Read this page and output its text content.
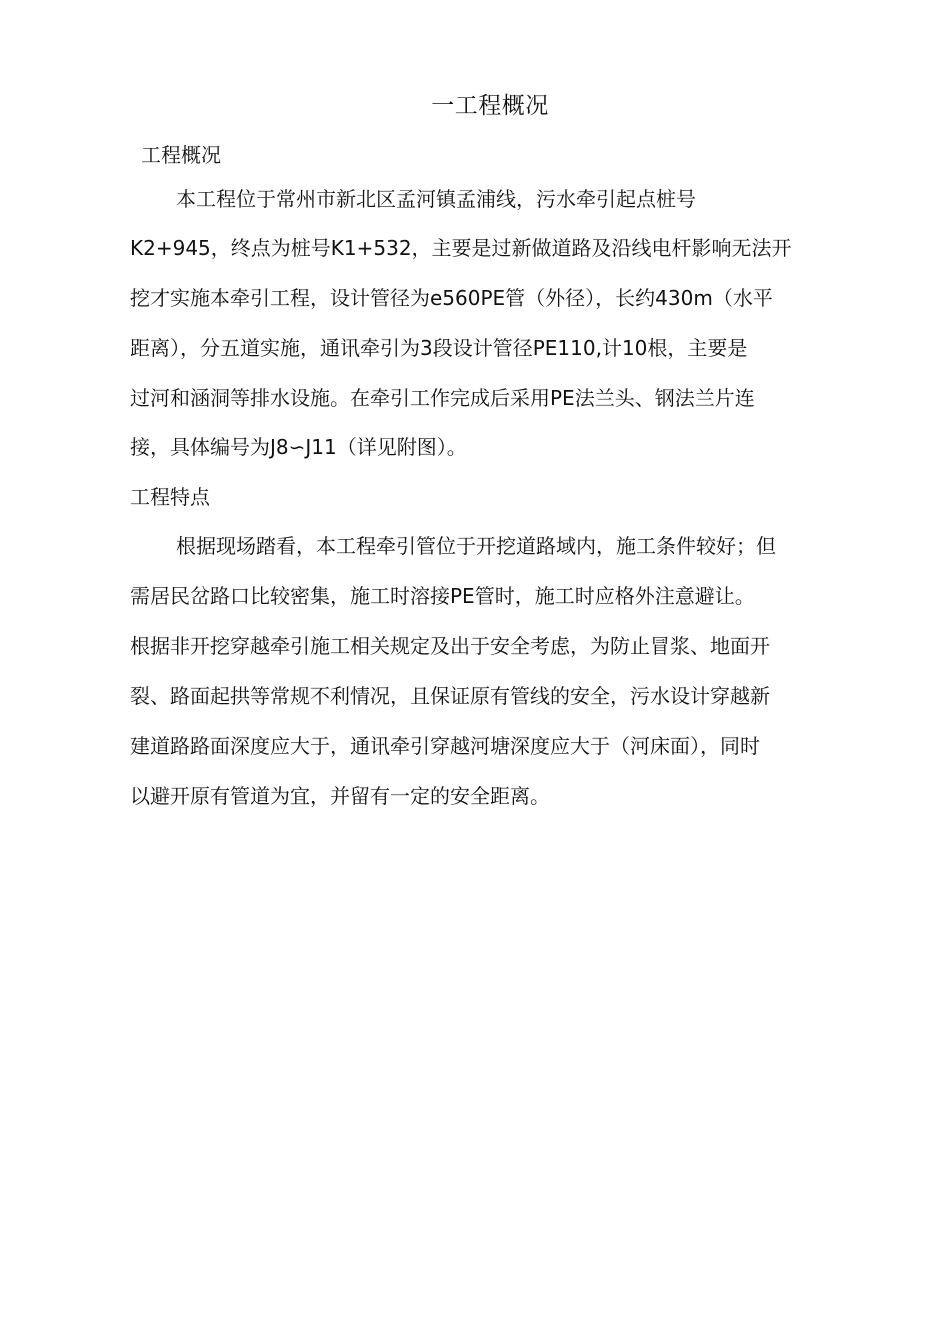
一工程概况
工程概况
本工程位于常州市新北区孟河镇孟浦线，污水牵引起点桩号
K2+945，终点为桩号K1+532，主要是过新做道路及沿线电杆影响无法开
挖才实施本牵引工程，设计管径为e560PE管（外径），长约430m（水平
距离），分五道实施，通讯牵引为3段设计管径PE110,计10根，主要是
过河和涵洞等排水设施。在牵引工作完成后采用PE法兰头、钢法兰片连
接，具体编号为J8∽J11（详见附图）。
工程特点
根据现场踏看，本工程牵引管位于开挖道路域内，施工条件较好；但
需居民岔路口比较密集，施工时溶接PE管时，施工时应格外注意避让。
根据非开挖穿越牵引施工相关规定及出于安全考虑，为防止冒浆、地面开
裂、路面起拱等常规不利情况，且保证原有管线的安全，污水设计穿越新
建道路路面深度应大于，通讯牵引穿越河塘深度应大于（河床面），同时
以避开原有管道为宜，并留有一定的安全距离。
